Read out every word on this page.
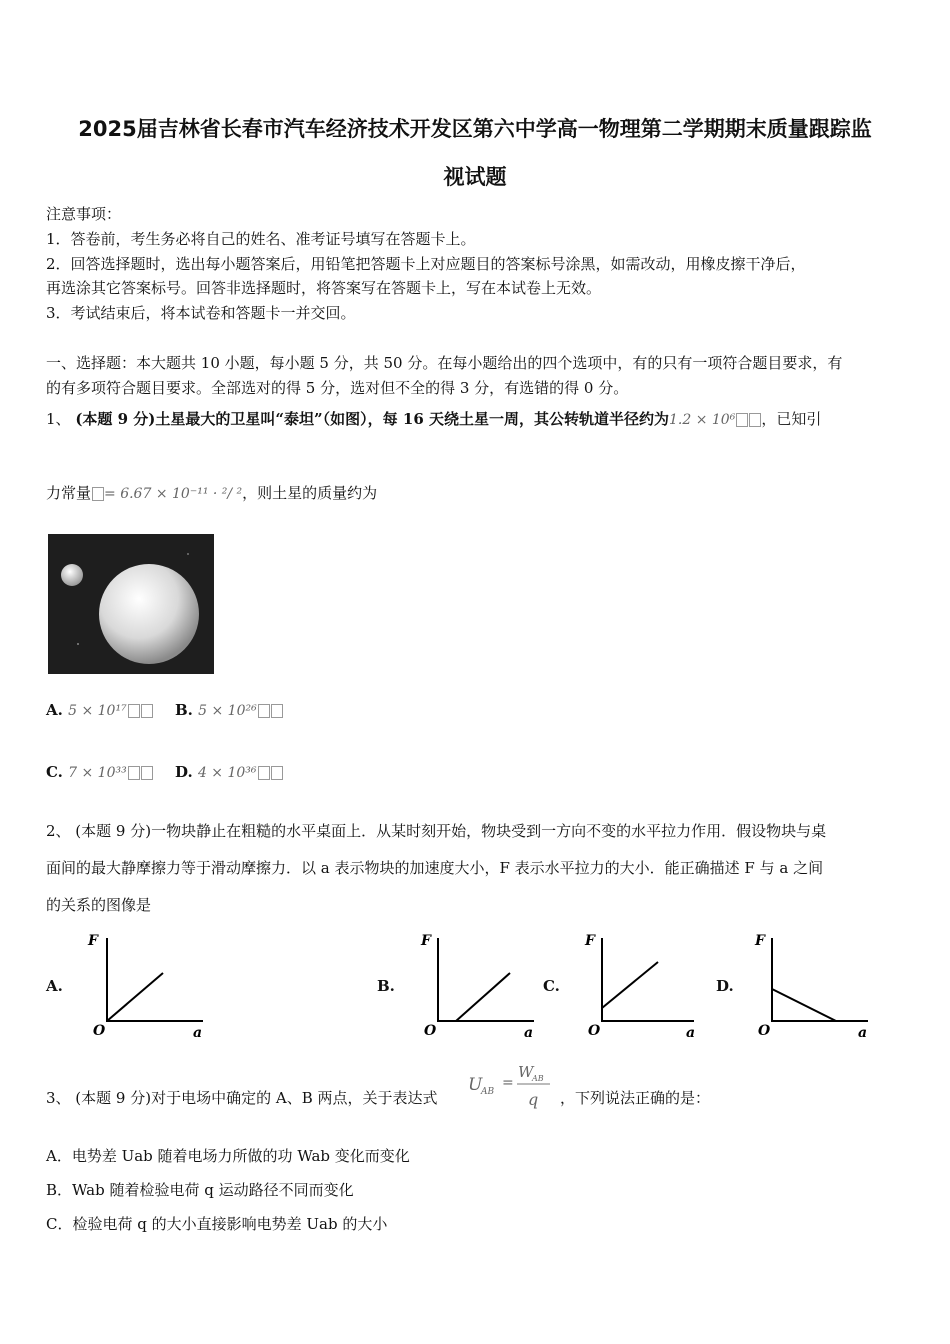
2025届吉林省长春市汽车经济技术开发区第六中学高一物理第二学期期末质量跟踪监
视试题
注意事项：
1．答卷前，考生务必将自己的姓名、准考证号填写在答题卡上。
2．回答选择题时，选出每小题答案后，用铅笔把答题卡上对应题目的答案标号涂黑，如需改动，用橡皮擦干净后，
再选涂其它答案标号。回答非选择题时，将答案写在答题卡上，写在本试卷上无效。
3．考试结束后，将本试卷和答题卡一并交回。
一、选择题：本大题共 10 小题，每小题 5 分，共 50 分。在每小题给出的四个选项中，有的只有一项符合题目要求，有
的有多项符合题目要求。全部选对的得 5 分，选对但不全的得 3 分，有选错的得 0 分。
1、 (本题 9 分)土星最大的卫星叫“泰坦”（如图），每 16 天绕土星一周，其公转轨道半径约为1.2 × 10⁶ ，已知引
力常量 = 6.67 × 10⁻¹¹ · ²/ ²，则土星的质量约为
A. 5 × 10¹⁷	B. 5 × 10²⁶
C. 7 × 10³³	D. 4 × 10³⁶
2、 (本题 9 分)一物块静止在粗糙的水平桌面上．从某时刻开始，物块受到一方向不变的水平拉力作用．假设物块与桌
面间的最大静摩擦力等于滑动摩擦力．以 a 表示物块的加速度大小，F 表示水平拉力的大小．能正确描述 F 与 a 之间
的关系的图像是
A.
F
O	a
B.
F
O	a
C.
F
O	a
D.
F
O	a
3、 (本题 9 分)对于电场中确定的 A、B 两点，关于表达式
U
AB
=
W
AB
q ，下列说法正确的是：
A．电势差 Uab 随着电场力所做的功 Wab 变化而变化
B．Wab 随着检验电荷 q 运动路径不同而变化
C．检验电荷 q 的大小直接影响电势差 Uab 的大小
